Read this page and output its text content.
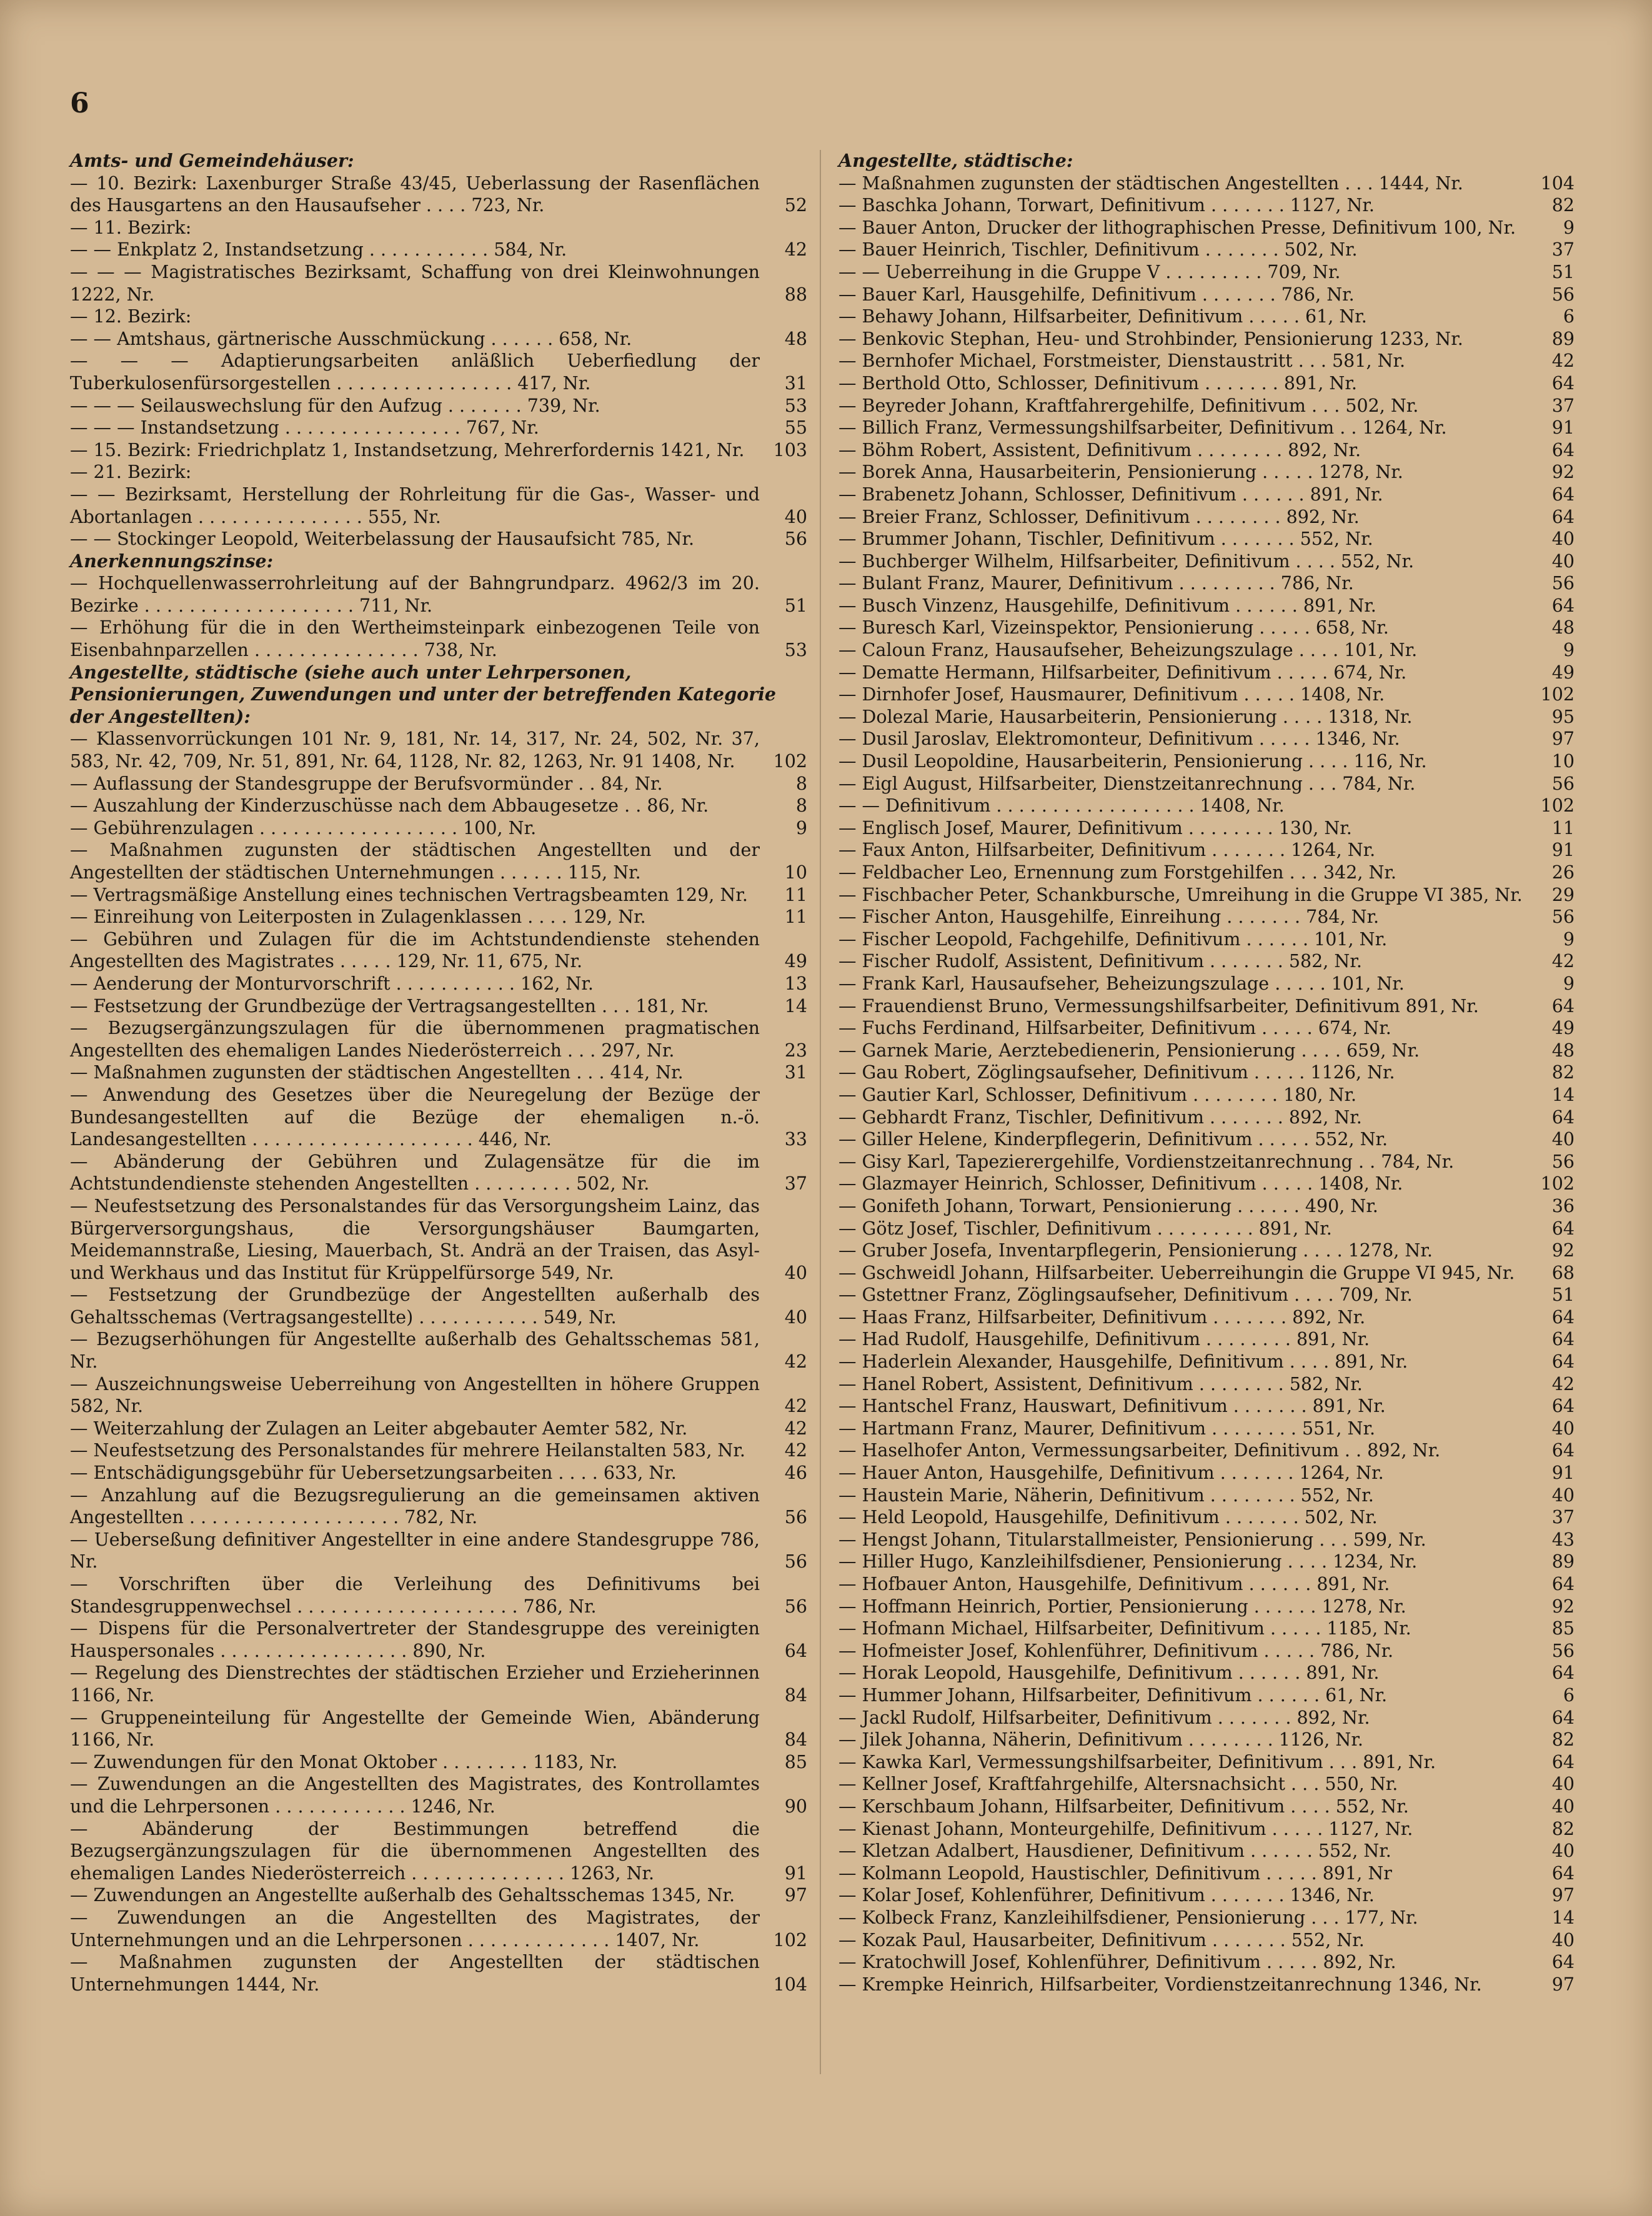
6
Amts- und Gemeindehäuser:
— 10. Bezirk: Laxenburger Straße 43/45, Ueberlassung der Rasenflächen des Hausgartens an den Hausaufseher . . . . 723, Nr.	52
— 11. Bezirk:
— — Enkplatz 2, Instandsetzung . . . . . . . . . . . 584, Nr.	42
— — — Magistratisches Bezirksamt, Schaffung von drei Kleinwohnungen 1222, Nr.	88
— 12. Bezirk:
— — Amtshaus, gärtnerische Ausschmückung . . . . . . 658, Nr.	48
— — — Adaptierungsarbeiten anläßlich Ueberfiedlung der Tuberkulosenfürsorgestellen . . . . . . . . . . . . . . . . 417, Nr.	31
— — — Seilauswechslung für den Aufzug . . . . . . . 739, Nr.	53
— — — Instandsetzung . . . . . . . . . . . . . . . . 767, Nr.	55
— 15. Bezirk: Friedrichplatz 1, Instandsetzung, Mehrerfordernis 1421, Nr.	103
— 21. Bezirk:
— — Bezirksamt, Herstellung der Rohrleitung für die Gas-, Wasser- und Abortanlagen . . . . . . . . . . . . . . . 555, Nr.	40
— — Stockinger Leopold, Weiterbelassung der Hausaufsicht 785, Nr.	56
Anerkennungszinse:
— Hochquellenwasserrohrleitung auf der Bahngrundparz. 4962/3 im 20. Bezirke . . . . . . . . . . . . . . . . . . . 711, Nr.	51
— Erhöhung für die in den Wertheimsteinpark einbezogenen Teile von Eisenbahnparzellen . . . . . . . . . . . . . . . 738, Nr.	53
Angestellte, städtische (siehe auch unter Lehrpersonen, Pensionierungen, Zuwendungen und unter der betreffenden Kategorie der Angestellten):
— Klassenvorrückungen 101 Nr. 9, 181, Nr. 14, 317, Nr. 24, 502, Nr. 37, 583, Nr. 42, 709, Nr. 51, 891, Nr. 64, 1128, Nr. 82, 1263, Nr. 91 1408, Nr.	102
— Auflassung der Standesgruppe der Berufsvormünder . . 84, Nr.	8
— Auszahlung der Kinderzuschüsse nach dem Abbaugesetze . . 86, Nr.	8
— Gebührenzulagen . . . . . . . . . . . . . . . . . . 100, Nr.	9
— Maßnahmen zugunsten der städtischen Angestellten und der Angestellten der städtischen Unternehmungen . . . . . . 115, Nr.	10
— Vertragsmäßige Anstellung eines technischen Vertragsbeamten 129, Nr.	11
— Einreihung von Leiterposten in Zulagenklassen . . . . 129, Nr.	11
— Gebühren und Zulagen für die im Achtstundendienste stehenden Angestellten des Magistrates . . . . . 129, Nr. 11, 675, Nr.	49
— Aenderung der Monturvorschrift . . . . . . . . . . . 162, Nr.	13
— Festsetzung der Grundbezüge der Vertragsangestellten . . . 181, Nr.	14
— Bezugsergänzungszulagen für die übernommenen pragmatischen Angestellten des ehemaligen Landes Niederösterreich . . . 297, Nr.	23
— Maßnahmen zugunsten der städtischen Angestellten . . . 414, Nr.	31
— Anwendung des Gesetzes über die Neuregelung der Bezüge der Bundesangestellten auf die Bezüge der ehemaligen n.-ö. Landesangestellten . . . . . . . . . . . . . . . . . . . . 446, Nr.	33
— Abänderung der Gebühren und Zulagensätze für die im Achtstundendienste stehenden Angestellten . . . . . . . . . 502, Nr.	37
— Neufestsetzung des Personalstandes für das Versorgungsheim Lainz, das Bürgerversorgungshaus, die Versorgungshäuser Baumgarten, Meidemannstraße, Liesing, Mauerbach, St. Andrä an der Traisen, das Asyl- und Werkhaus und das Institut für Krüppelfürsorge 549, Nr.	40
— Festsetzung der Grundbezüge der Angestellten außerhalb des Gehaltsschemas (Vertragsangestellte) . . . . . . . . . . . 549, Nr.	40
— Bezugserhöhungen für Angestellte außerhalb des Gehaltsschemas 581, Nr.	42
— Auszeichnungsweise Ueberreihung von Angestellten in höhere Gruppen 582, Nr.	42
— Weiterzahlung der Zulagen an Leiter abgebauter Aemter 582, Nr.	42
— Neufestsetzung des Personalstandes für mehrere Heilanstalten 583, Nr.	42
— Entschädigungsgebühr für Uebersetzungsarbeiten . . . . 633, Nr.	46
— Anzahlung auf die Bezugsregulierung an die gemeinsamen aktiven Angestellten . . . . . . . . . . . . . . . . . . . 782, Nr.	56
— Ueberseßung definitiver Angestellter in eine andere Standesgruppe 786, Nr.	56
— Vorschriften über die Verleihung des Definitivums bei Standesgruppenwechsel . . . . . . . . . . . . . . . . . . . . 786, Nr.	56
— Dispens für die Personalvertreter der Standesgruppe des vereinigten Hauspersonales . . . . . . . . . . . . . . . . . 890, Nr.	64
— Regelung des Dienstrechtes der städtischen Erzieher und Erzieherinnen 1166, Nr.	84
— Gruppeneinteilung für Angestellte der Gemeinde Wien, Abänderung 1166, Nr.	84
— Zuwendungen für den Monat Oktober . . . . . . . . 1183, Nr.	85
— Zuwendungen an die Angestellten des Magistrates, des Kontrollamtes und die Lehrpersonen . . . . . . . . . . . . 1246, Nr.	90
— Abänderung der Bestimmungen betreffend die Bezugsergänzungszulagen für die übernommenen Angestellten des ehemaligen Landes Niederösterreich . . . . . . . . . . . . . . 1263, Nr.	91
— Zuwendungen an Angestellte außerhalb des Gehaltsschemas 1345, Nr.	97
— Zuwendungen an die Angestellten des Magistrates, der Unternehmungen und an die Lehrpersonen . . . . . . . . . . . . . 1407, Nr.	102
— Maßnahmen zugunsten der Angestellten der städtischen Unternehmungen 1444, Nr.	104
Angestellte, städtische:
— Maßnahmen zugunsten der städtischen Angestellten . . . 1444, Nr.	104
— Baschka Johann, Torwart, Definitivum . . . . . . . 1127, Nr.	82
— Bauer Anton, Drucker der lithographischen Presse, Definitivum 100, Nr.	9
— Bauer Heinrich, Tischler, Definitivum . . . . . . . 502, Nr.	37
— — Ueberreihung in die Gruppe V . . . . . . . . . 709, Nr.	51
— Bauer Karl, Hausgehilfe, Definitivum . . . . . . . 786, Nr.	56
— Behawy Johann, Hilfsarbeiter, Definitivum . . . . . 61, Nr.	6
— Benkovic Stephan, Heu- und Strohbinder, Pensionierung 1233, Nr.	89
— Bernhofer Michael, Forstmeister, Dienstaustritt . . . 581, Nr.	42
— Berthold Otto, Schlosser, Definitivum . . . . . . . 891, Nr.	64
— Beyreder Johann, Kraftfahrergehilfe, Definitivum . . . 502, Nr.	37
— Billich Franz, Vermessungshilfsarbeiter, Definitivum . . 1264, Nr.	91
— Böhm Robert, Assistent, Definitivum . . . . . . . . 892, Nr.	64
— Borek Anna, Hausarbeiterin, Pensionierung . . . . . 1278, Nr.	92
— Brabenetz Johann, Schlosser, Definitivum . . . . . . 891, Nr.	64
— Breier Franz, Schlosser, Definitivum . . . . . . . . 892, Nr.	64
— Brummer Johann, Tischler, Definitivum . . . . . . . 552, Nr.	40
— Buchberger Wilhelm, Hilfsarbeiter, Definitivum . . . . 552, Nr.	40
— Bulant Franz, Maurer, Definitivum . . . . . . . . . 786, Nr.	56
— Busch Vinzenz, Hausgehilfe, Definitivum . . . . . . 891, Nr.	64
— Buresch Karl, Vizeinspektor, Pensionierung . . . . . 658, Nr.	48
— Caloun Franz, Hausaufseher, Beheizungszulage . . . . 101, Nr.	9
— Dematte Hermann, Hilfsarbeiter, Definitivum . . . . . 674, Nr.	49
— Dirnhofer Josef, Hausmaurer, Definitivum . . . . . 1408, Nr.	102
— Dolezal Marie, Hausarbeiterin, Pensionierung . . . . 1318, Nr.	95
— Dusil Jaroslav, Elektromonteur, Definitivum . . . . . 1346, Nr.	97
— Dusil Leopoldine, Hausarbeiterin, Pensionierung . . . . 116, Nr.	10
— Eigl August, Hilfsarbeiter, Dienstzeitanrechnung . . . 784, Nr.	56
— — Definitivum . . . . . . . . . . . . . . . . . . 1408, Nr.	102
— Englisch Josef, Maurer, Definitivum . . . . . . . . 130, Nr.	11
— Faux Anton, Hilfsarbeiter, Definitivum . . . . . . . 1264, Nr.	91
— Feldbacher Leo, Ernennung zum Forstgehilfen . . . 342, Nr.	26
— Fischbacher Peter, Schankbursche, Umreihung in die Gruppe VI 385, Nr.	29
— Fischer Anton, Hausgehilfe, Einreihung . . . . . . . 784, Nr.	56
— Fischer Leopold, Fachgehilfe, Definitivum . . . . . . 101, Nr.	9
— Fischer Rudolf, Assistent, Definitivum . . . . . . . 582, Nr.	42
— Frank Karl, Hausaufseher, Beheizungszulage . . . . . 101, Nr.	9
— Frauendienst Bruno, Vermessungshilfsarbeiter, Definitivum 891, Nr.	64
— Fuchs Ferdinand, Hilfsarbeiter, Definitivum . . . . . 674, Nr.	49
— Garnek Marie, Aerztebedienerin, Pensionierung . . . . 659, Nr.	48
— Gau Robert, Zöglingsaufseher, Definitivum . . . . . 1126, Nr.	82
— Gautier Karl, Schlosser, Definitivum . . . . . . . . 180, Nr.	14
— Gebhardt Franz, Tischler, Definitivum . . . . . . . 892, Nr.	64
— Giller Helene, Kinderpflegerin, Definitivum . . . . . 552, Nr.	40
— Gisy Karl, Tapezierergehilfe, Vordienstzeitanrechnung . . 784, Nr.	56
— Glazmayer Heinrich, Schlosser, Definitivum . . . . . 1408, Nr.	102
— Gonifeth Johann, Torwart, Pensionierung . . . . . . 490, Nr.	36
— Götz Josef, Tischler, Definitivum . . . . . . . . . 891, Nr.	64
— Gruber Josefa, Inventarpflegerin, Pensionierung . . . . 1278, Nr.	92
— Gschweidl Johann, Hilfsarbeiter. Ueberreihungin die Gruppe VI 945, Nr.	68
— Gstettner Franz, Zöglingsaufseher, Definitivum . . . . 709, Nr.	51
— Haas Franz, Hilfsarbeiter, Definitivum . . . . . . . 892, Nr.	64
— Had Rudolf, Hausgehilfe, Definitivum . . . . . . . . 891, Nr.	64
— Haderlein Alexander, Hausgehilfe, Definitivum . . . . 891, Nr.	64
— Hanel Robert, Assistent, Definitivum . . . . . . . . 582, Nr.	42
— Hantschel Franz, Hauswart, Definitivum . . . . . . . 891, Nr.	64
— Hartmann Franz, Maurer, Definitivum . . . . . . . . 551, Nr.	40
— Haselhofer Anton, Vermessungsarbeiter, Definitivum . . 892, Nr.	64
— Hauer Anton, Hausgehilfe, Definitivum . . . . . . . 1264, Nr.	91
— Haustein Marie, Näherin, Definitivum . . . . . . . . 552, Nr.	40
— Held Leopold, Hausgehilfe, Definitivum . . . . . . . 502, Nr.	37
— Hengst Johann, Titularstallmeister, Pensionierung . . . 599, Nr.	43
— Hiller Hugo, Kanzleihilfsdiener, Pensionierung . . . . 1234, Nr.	89
— Hofbauer Anton, Hausgehilfe, Definitivum . . . . . . 891, Nr.	64
— Hoffmann Heinrich, Portier, Pensionierung . . . . . . 1278, Nr.	92
— Hofmann Michael, Hilfsarbeiter, Definitivum . . . . . 1185, Nr.	85
— Hofmeister Josef, Kohlenführer, Definitivum . . . . . 786, Nr.	56
— Horak Leopold, Hausgehilfe, Definitivum . . . . . . 891, Nr.	64
— Hummer Johann, Hilfsarbeiter, Definitivum . . . . . . 61, Nr.	6
— Jackl Rudolf, Hilfsarbeiter, Definitivum . . . . . . . 892, Nr.	64
— Jilek Johanna, Näherin, Definitivum . . . . . . . . 1126, Nr.	82
— Kawka Karl, Vermessungshilfsarbeiter, Definitivum . . . 891, Nr.	64
— Kellner Josef, Kraftfahrgehilfe, Altersnachsicht . . . 550, Nr.	40
— Kerschbaum Johann, Hilfsarbeiter, Definitivum . . . . 552, Nr.	40
— Kienast Johann, Monteurgehilfe, Definitivum . . . . . 1127, Nr.	82
— Kletzan Adalbert, Hausdiener, Definitivum . . . . . . 552, Nr.	40
— Kolmann Leopold, Haustischler, Definitivum . . . . . 891, Nr	64
— Kolar Josef, Kohlenführer, Definitivum . . . . . . . 1346, Nr.	97
— Kolbeck Franz, Kanzleihilfsdiener, Pensionierung . . . 177, Nr.	14
— Kozak Paul, Hausarbeiter, Definitivum . . . . . . . 552, Nr.	40
— Kratochwill Josef, Kohlenführer, Definitivum . . . . . 892, Nr.	64
— Krempke Heinrich, Hilfsarbeiter, Vordienstzeitanrechnung 1346, Nr.	97
